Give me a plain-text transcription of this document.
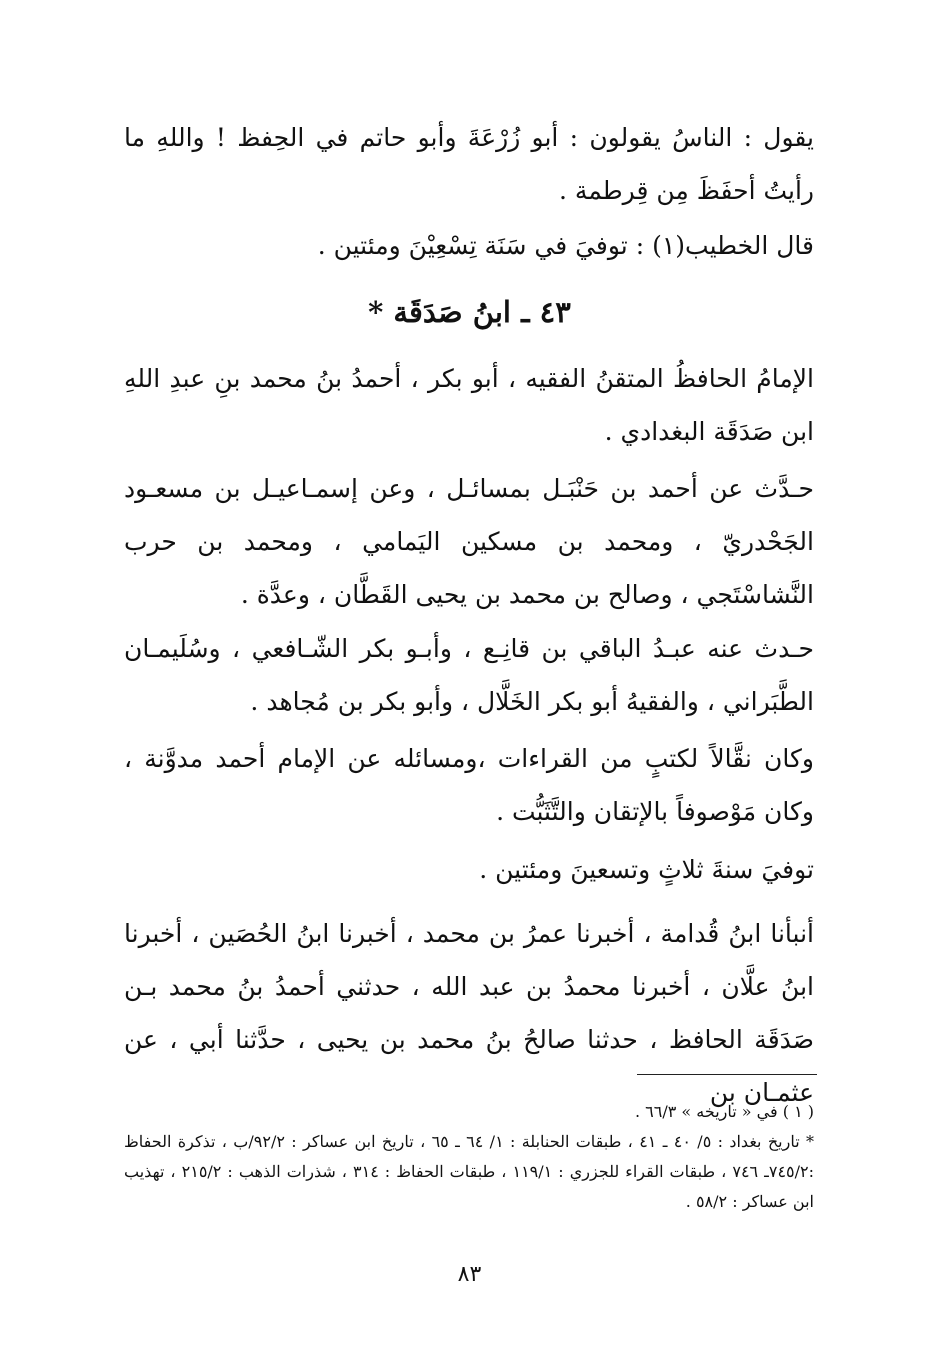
يقول : الناسُ يقولون : أبو زُرْعَةَ وأبو حاتم في الحِفظ ! واللهِ ما رأيتُ أحفَظَ مِن قِرطمة .

قال الخطيب(١) : توفيَ في سَنَة تِسْعِيْنَ ومئتين .

٤٣ ـ ابنُ صَدَقَة *

الإمامُ الحافظُ المتقنُ الفقيه ، أبو بكر ، أحمدُ بنُ محمد بنِ عبدِ اللهِ ابن صَدَقَة البغدادي .

حـدَّث عن أحمد بن حَنْبَـل بمسائـل ، وعن إسمـاعيـل بن مسعـود الجَحْدريّ ، ومحمد بن مسكين اليَمامي ، ومحمد بن حرب النَّشاسْتَجي ، وصالح بن محمد بن يحيى القَطَّان ، وعدَّة .

حـدث عنه عبـدُ الباقي بن قانِـع ، وأبـو بكر الشّـافعي ، وسُلَيمـان الطَّبَراني ، والفقيهُ أبو بكر الخَلَّال ، وأبو بكر بن مُجاهد .

وكان نقَّالاً لكتبٍ من القراءات ،ومسائله عن الإمام أحمد مدوَّنة ، وكان مَوْصوفاً بالإتقان والتَّثَبُّت .

توفيَ سنةَ ثلاثٍ وتسعينَ ومئتين .

أنبأنا ابنُ قُدامة ، أخبرنا عمرُ بن محمد ، أخبرنا ابنُ الحُصَين ، أخبرنا ابنُ علَّان ، أخبرنا محمدُ بن عبد الله ، حدثني أحمدُ بنُ محمد بـن صَدَقَة الحافظ ، حدثنا صالحُ بنُ محمد بن يحيى ، حدَّثنا أبي ، عن عثمـان بن

( ١ ) في « تاريخه » ٦٦/٣ .

* تاريخ بغداد : ٥/ ٤٠ ـ ٤١ ، طبقات الحنابلة : ١/ ٦٤ ـ ٦٥ ، تاريخ ابن عساكر : ٩٢/٢/ب ، تذكرة الحفاظ :٧٤٥/٢ـ ٧٤٦ ، طبقات القراء للجزري : ١١٩/١ ، طبقات الحفاظ : ٣١٤ ، شذرات الذهب : ٢١٥/٢ ، تهذيب ابن عساكر : ٥٨/٢ .

٨٣
